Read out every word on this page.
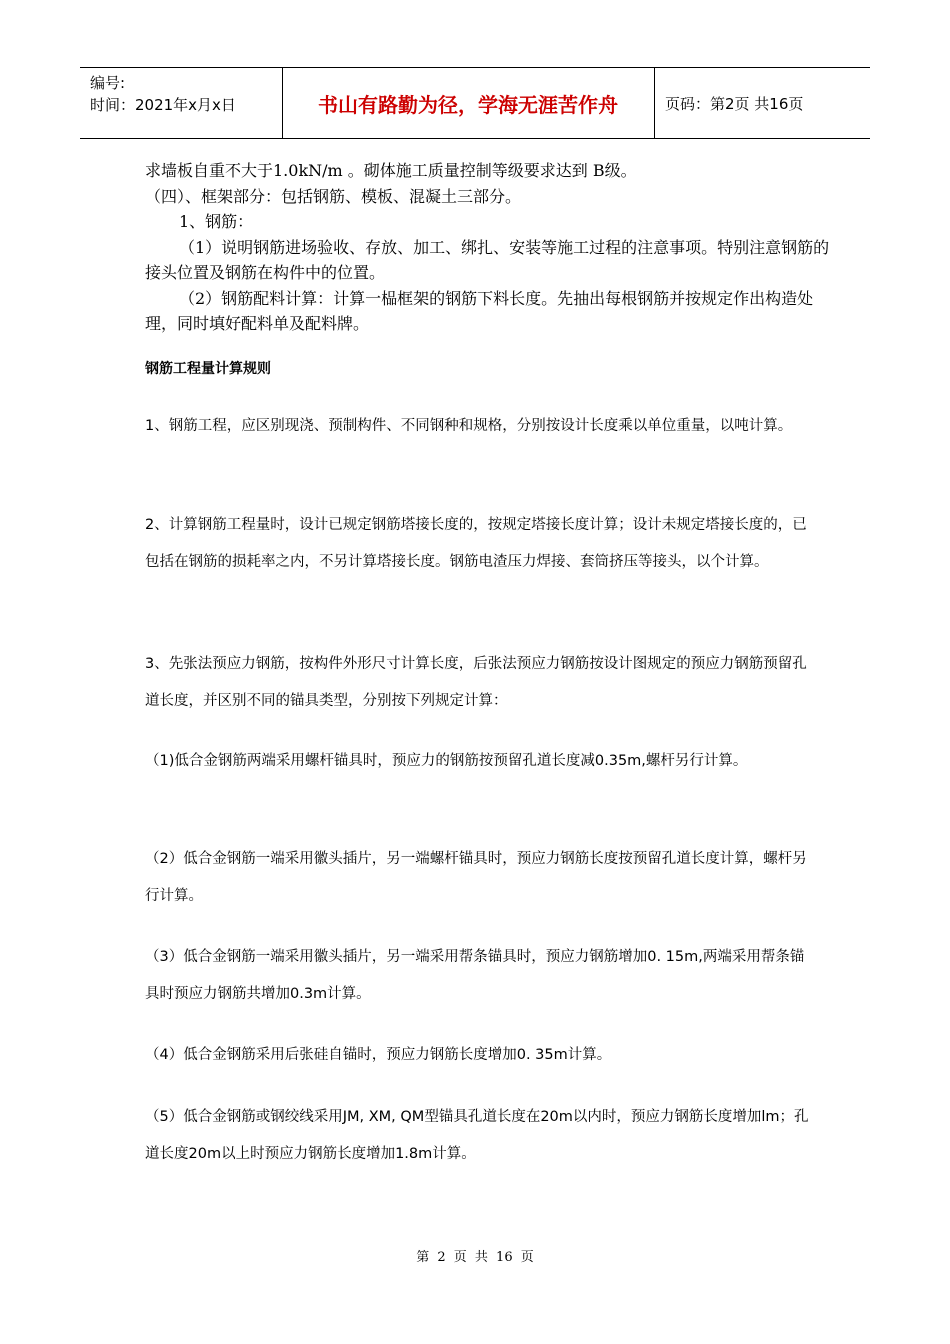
编号:
时间：2021年x月x日	书山有路勤为径，学海无涯苦作舟	页码：第2页 共16页

求墙板自重不大于1.0kN/m 。砌体施工质量控制等级要求达到 B级。

（四）、框架部分：包括钢筋、模板、混凝土三部分。

1、钢筋：

（1）说明钢筋进场验收、存放、加工、绑扎、安装等施工过程的注意事项。特别注意钢筋的接头位置及钢筋在构件中的位置。

（2）钢筋配料计算：计算一榀框架的钢筋下料长度。先抽出每根钢筋并按规定作出构造处理，同时填好配料单及配料牌。

钢筋工程量计算规则

1、钢筋工程，应区别现浇、预制构件、不同钢种和规格，分别按设计长度乘以单位重量，以吨计算。

2、计算钢筋工程量时，设计已规定钢筋塔接长度的，按规定塔接长度计算；设计未规定塔接长度的，已包括在钢筋的损耗率之内，不另计算塔接长度。钢筋电渣压力焊接、套筒挤压等接头，以个计算。

3、先张法预应力钢筋，按构件外形尺寸计算长度，后张法预应力钢筋按设计图规定的预应力钢筋预留孔道长度，并区别不同的锚具类型，分别按下列规定计算：

（1)低合金钢筋两端采用螺杆锚具时，预应力的钢筋按预留孔道长度减0.35m,螺杆另行计算。

（2）低合金钢筋一端采用徽头插片，另一端螺杆锚具时，预应力钢筋长度按预留孔道长度计算，螺杆另行计算。

（3）低合金钢筋一端采用徽头插片，另一端采用帮条锚具时，预应力钢筋增加0. 15m,两端采用帮条锚具时预应力钢筋共增加0.3m计算。

（4）低合金钢筋采用后张硅自锚时，预应力钢筋长度增加0. 35m计算。

（5）低合金钢筋或钢绞线采用JM, XM, QM型锚具孔道长度在20m以内时，预应力钢筋长度增加lm；孔道长度20m以上时预应力钢筋长度增加1.8m计算。

第 2 页 共 16 页
